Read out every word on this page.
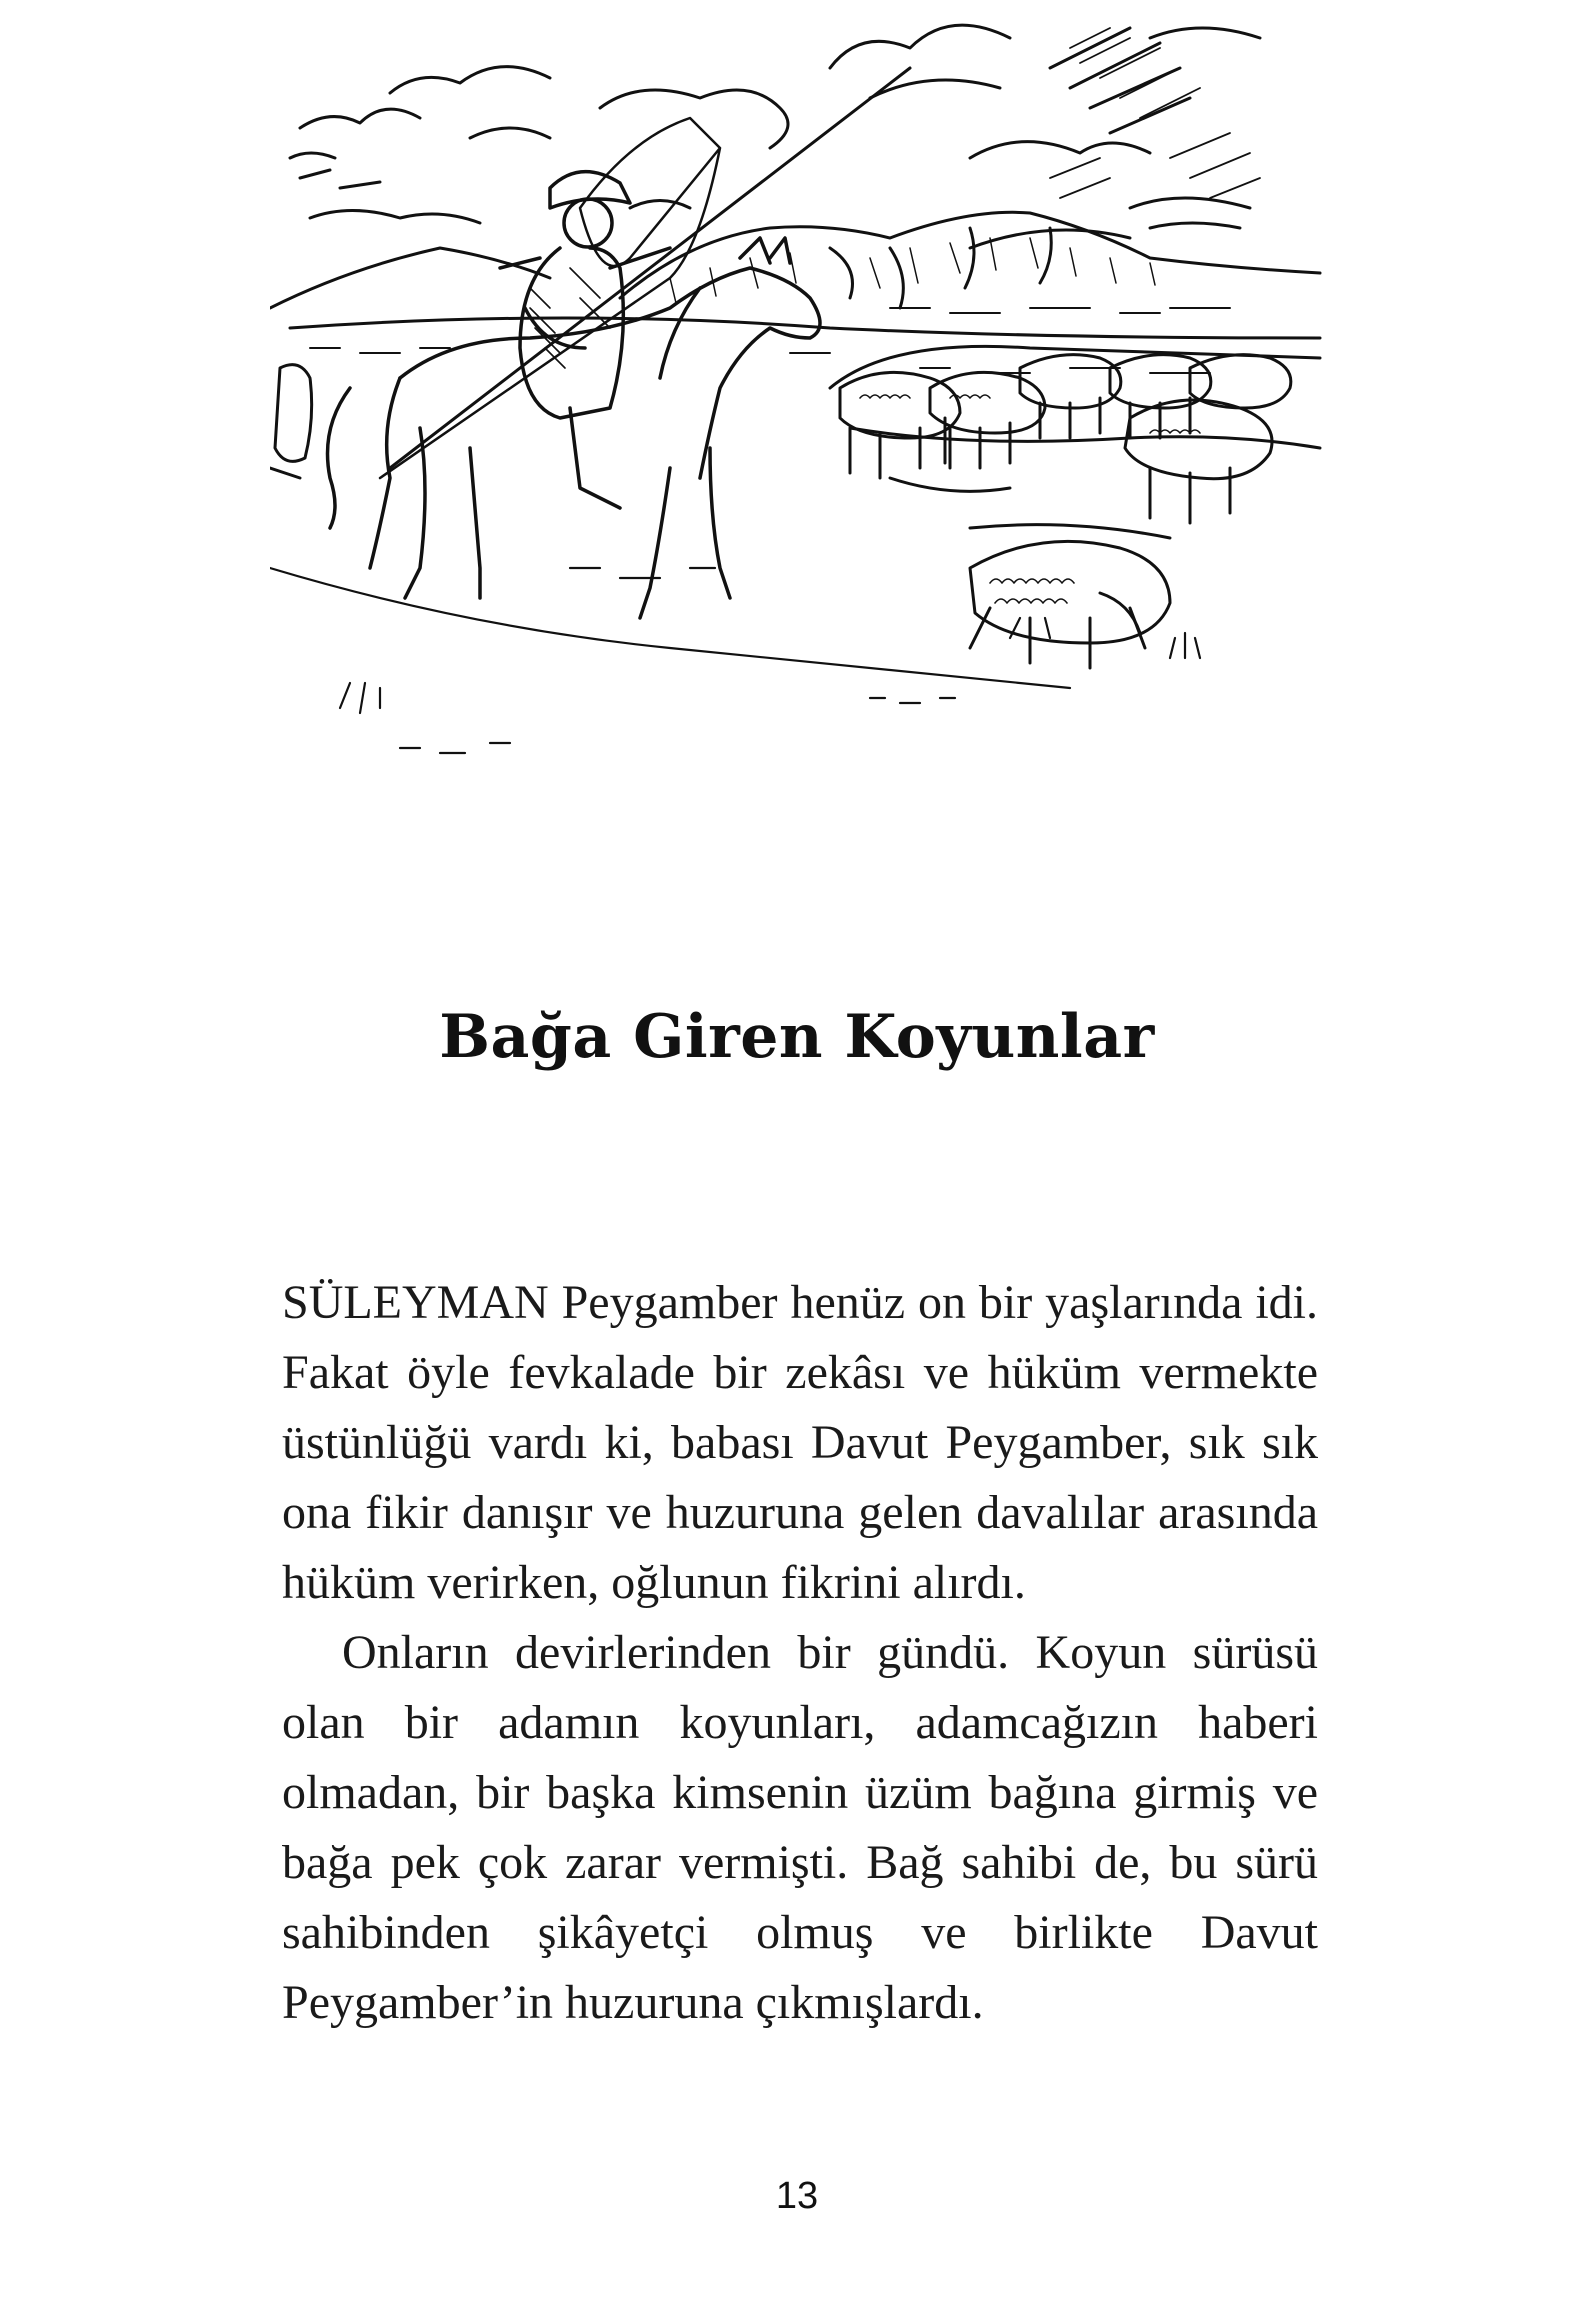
Bağa Giren Koyunlar

SÜLEYMAN Peygamber henüz on bir yaşlarında idi. Fakat öyle fevkalade bir zekâsı ve hüküm vermekte üstünlüğü vardı ki, babası Davut Peygamber, sık sık ona fikir danışır ve huzuruna gelen davalılar arasında hüküm verirken, oğlunun fikrini alırdı.

Onların devirlerinden bir gündü. Koyun sürüsü olan bir adamın koyunları, adamcağızın haberi olmadan, bir başka kimsenin üzüm bağına girmiş ve bağa pek çok zarar vermişti. Bağ sahibi de, bu sürü sahibinden şikâyetçi olmuş ve birlikte Davut Peygamber’in huzuruna çıkmışlardı.

13
